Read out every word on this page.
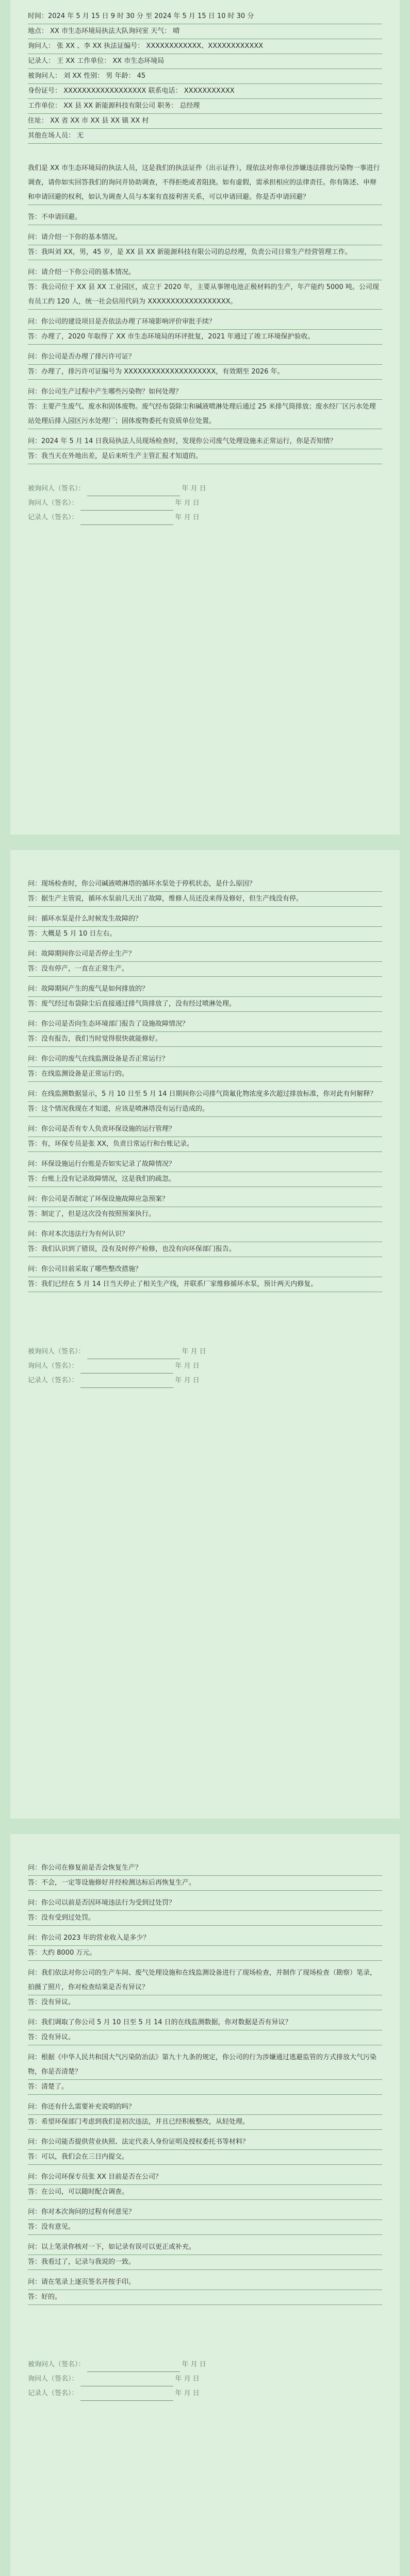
时间：2024 年 5 月 15 日 9 时 30 分 至 2024 年 5 月 15 日 10 时 30 分
地点： XX 市生态环境局执法大队询问室 天气： 晴
询问人： 张 XX 、李 XX 执法证编号： XXXXXXXXXXXX、XXXXXXXXXXXX
记录人： 王 XX 工作单位： XX 市生态环境局
被询问人： 刘 XX 性别： 男 年龄： 45
身份证号： XXXXXXXXXXXXXXXXXX 联系电话： XXXXXXXXXXX
工作单位： XX 县 XX 新能源科技有限公司 职务： 总经理
住址： XX 省 XX 市 XX 县 XX 镇 XX 村
其他在场人员： 无
我们是 XX 市生态环境局的执法人员，这是我们的执法证件（出示证件），现依法对你单位涉嫌违法排放污染物一事进行调查，请你如实回答我们的询问并协助调查，不得拒绝或者阻挠。如有虚假，需承担相应的法律责任。你有陈述、申辩和申请回避的权利，如认为调查人员与本案有直接利害关系，可以申请回避。你是否申请回避？
答：不申请回避。
问：请介绍一下你的基本情况。
答：我叫刘 XX，男，45 岁，是 XX 县 XX 新能源科技有限公司的总经理，负责公司日常生产经营管理工作。
问：请介绍一下你公司的基本情况。
答：我公司位于 XX 县 XX 工业园区，成立于 2020 年，主要从事锂电池正极材料的生产，年产能约 5000 吨。公司现有员工约 120 人，统一社会信用代码为 XXXXXXXXXXXXXXXXXX。
问：你公司的建设项目是否依法办理了环境影响评价审批手续？
答：办理了，2020 年取得了 XX 市生态环境局的环评批复，2021 年通过了竣工环境保护验收。
问：你公司是否办理了排污许可证？
答：办理了，排污许可证编号为 XXXXXXXXXXXXXXXXXXXX，有效期至 2026 年。
问：你公司生产过程中产生哪些污染物？如何处理？
答：主要产生废气、废水和固体废物。废气经布袋除尘和碱液喷淋处理后通过 25 米排气筒排放；废水经厂区污水处理站处理后排入园区污水处理厂；固体废物委托有资质单位处置。
问：2024 年 5 月 14 日我局执法人员现场检查时，发现你公司废气处理设施未正常运行，你是否知情？
答：我当天在外地出差，是后来听生产主管汇报才知道的。
被询问人（签名）：	年 月 日
询问人（签名）：	年 月 日
记录人（签名）：	年 月 日
问：现场检查时，你公司碱液喷淋塔的循环水泵处于停机状态，是什么原因？
答：据生产主管说，循环水泵前几天出了故障，维修人员还没来得及修好，但生产线没有停。
问：循环水泵是什么时候发生故障的？
答：大概是 5 月 10 日左右。
问：故障期间你公司是否停止生产？
答：没有停产，一直在正常生产。
问：故障期间产生的废气是如何排放的？
答：废气经过布袋除尘后直接通过排气筒排放了，没有经过喷淋处理。
问：你公司是否向生态环境部门报告了设施故障情况？
答：没有报告，我们当时觉得很快就能修好。
问：你公司的废气在线监测设备是否正常运行？
答：在线监测设备是正常运行的。
问：在线监测数据显示，5 月 10 日至 5 月 14 日期间你公司排气筒氟化物浓度多次超过排放标准，你对此有何解释？
答：这个情况我现在才知道，应该是喷淋塔没有运行造成的。
问：你公司是否有专人负责环保设施的运行管理？
答：有，环保专员是张 XX，负责日常运行和台账记录。
问：环保设施运行台账是否如实记录了故障情况？
答：台账上没有记录故障情况，这是我们的疏忽。
问：你公司是否制定了环保设施故障应急预案？
答：制定了，但是这次没有按照预案执行。
问：你对本次违法行为有何认识？
答：我们认识到了错误，没有及时停产检修，也没有向环保部门报告。
问：你公司目前采取了哪些整改措施？
答：我们已经在 5 月 14 日当天停止了相关生产线，并联系厂家维修循环水泵，预计两天内修复。
被询问人（签名）：	年 月 日
询问人（签名）：	年 月 日
记录人（签名）：	年 月 日
问：你公司在修复前是否会恢复生产？
答：不会，一定等设施修好并经检测达标后再恢复生产。
问：你公司以前是否因环境违法行为受到过处罚？
答：没有受到过处罚。
问：你公司 2023 年的营业收入是多少？
答：大约 8000 万元。
问：我们依法对你公司的生产车间、废气处理设施和在线监测设备进行了现场检查，并制作了现场检查（勘察）笔录，拍摄了照片，你对检查结果是否有异议？
答：没有异议。
问：我们调取了你公司 5 月 10 日至 5 月 14 日的在线监测数据，你对数据是否有异议？
答：没有异议。
问：根据《中华人民共和国大气污染防治法》第九十九条的规定，你公司的行为涉嫌通过逃避监管的方式排放大气污染物，你是否清楚？
答：清楚了。
问：你还有什么需要补充说明的吗？
答：希望环保部门考虑到我们是初次违法，并且已经积极整改，从轻处理。
问：你公司能否提供营业执照、法定代表人身份证明及授权委托书等材料？
答：可以，我们会在三日内提交。
问：你公司环保专员张 XX 目前是否在公司？
答：在公司，可以随时配合调查。
问：你对本次询问的过程有何意见？
答：没有意见。
问：以上笔录你核对一下，如记录有误可以更正或补充。
答：我看过了，记录与我说的一致。
问：请在笔录上逐页签名并按手印。
答：好的。
被询问人（签名）：	年 月 日
询问人（签名）：	年 月 日
记录人（签名）：	年 月 日
